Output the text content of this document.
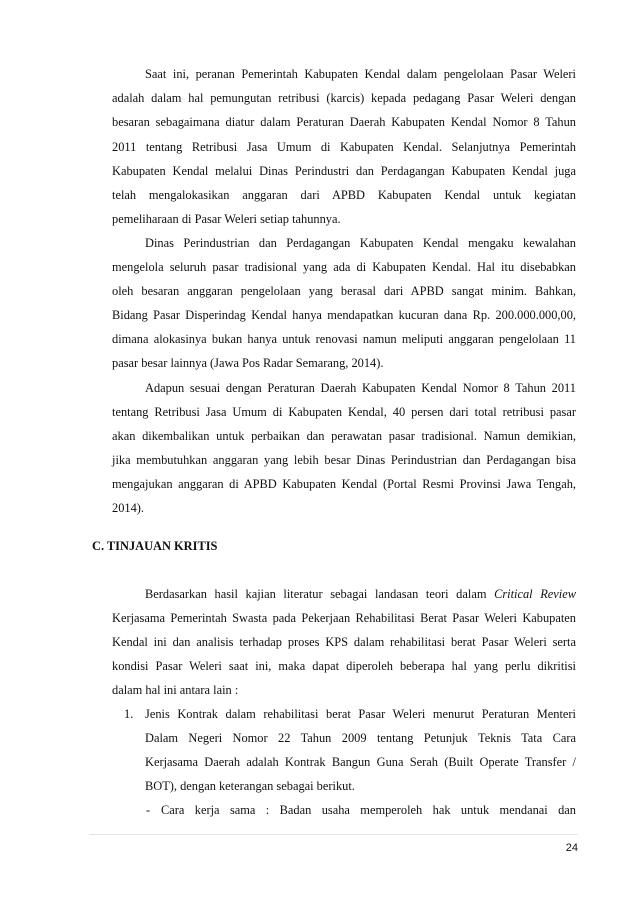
Saat ini, peranan Pemerintah Kabupaten Kendal dalam pengelolaan Pasar Weleri
adalah dalam hal pemungutan retribusi (karcis) kepada pedagang Pasar Weleri dengan
besaran sebagaimana diatur dalam Peraturan Daerah Kabupaten Kendal Nomor 8 Tahun
2011 tentang Retribusi Jasa Umum di Kabupaten Kendal. Selanjutnya Pemerintah
Kabupaten Kendal melalui Dinas Perindustri dan Perdagangan Kabupaten Kendal juga
telah mengalokasikan anggaran dari APBD Kabupaten Kendal untuk kegiatan
pemeliharaan di Pasar Weleri setiap tahunnya.
Dinas Perindustrian dan Perdagangan Kabupaten Kendal mengaku kewalahan
mengelola seluruh pasar tradisional yang ada di Kabupaten Kendal. Hal itu disebabkan
oleh besaran anggaran pengelolaan yang berasal dari APBD sangat minim. Bahkan,
Bidang Pasar Disperindag Kendal hanya mendapatkan kucuran dana Rp. 200.000.000,00,
dimana alokasinya bukan hanya untuk renovasi namun meliputi anggaran pengelolaan 11
pasar besar lainnya (Jawa Pos Radar Semarang, 2014).
Adapun sesuai dengan Peraturan Daerah Kabupaten Kendal Nomor 8 Tahun 2011
tentang Retribusi Jasa Umum di Kabupaten Kendal, 40 persen dari total retribusi pasar
akan dikembalikan untuk perbaikan dan perawatan pasar tradisional. Namun demikian,
jika membutuhkan anggaran yang lebih besar Dinas Perindustrian dan Perdagangan bisa
mengajukan anggaran di APBD Kabupaten Kendal (Portal Resmi Provinsi Jawa Tengah,
2014).
C. TINJAUAN KRITIS
Berdasarkan hasil kajian literatur sebagai landasan teori dalam Critical Review
Kerjasama Pemerintah Swasta pada Pekerjaan Rehabilitasi Berat Pasar Weleri Kabupaten
Kendal ini dan analisis terhadap proses KPS dalam rehabilitasi berat Pasar Weleri serta
kondisi Pasar Weleri saat ini, maka dapat diperoleh beberapa hal yang perlu dikritisi
dalam hal ini antara lain :
1. Jenis Kontrak dalam rehabilitasi berat Pasar Weleri menurut Peraturan Menteri
Dalam Negeri Nomor 22 Tahun 2009 tentang Petunjuk Teknis Tata Cara
Kerjasama Daerah adalah Kontrak Bangun Guna Serah (Built Operate Transfer /
BOT), dengan keterangan sebagai berikut.
- Cara kerja sama : Badan usaha memperoleh hak untuk mendanai dan
24
